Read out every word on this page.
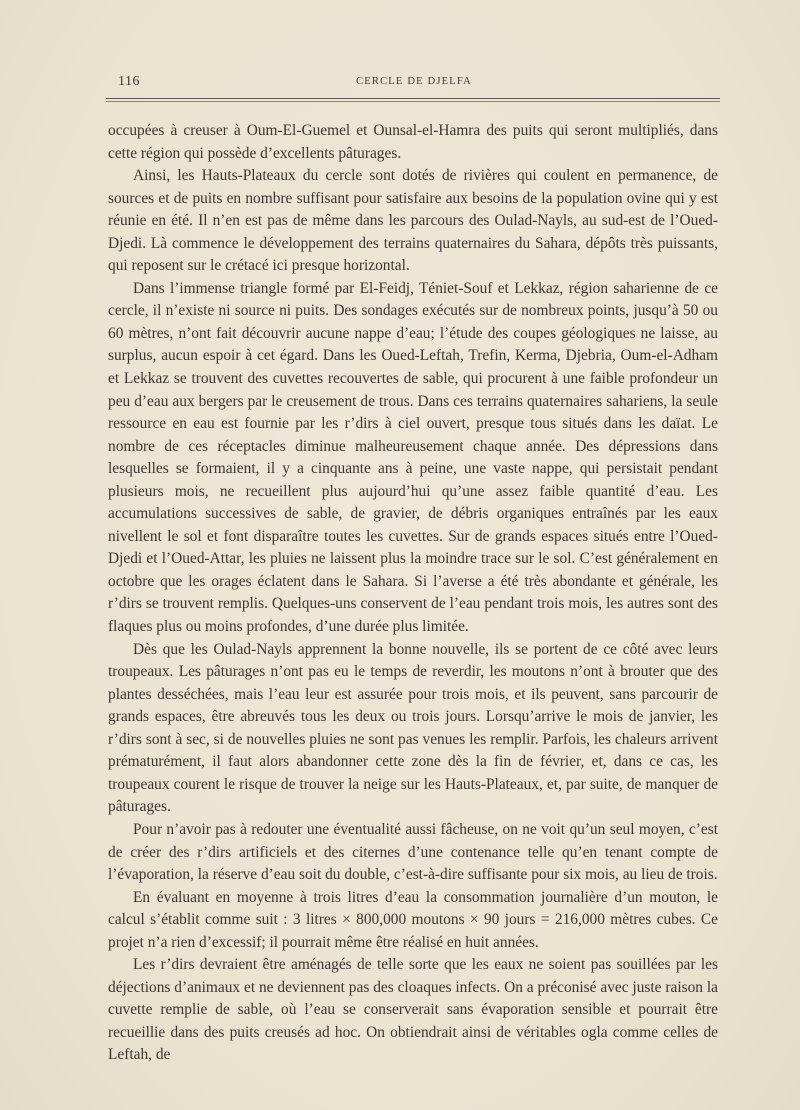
116	CERCLE DE DJELFA

occupées à creuser à Oum-El-Guemel et Ounsal-el-Hamra des puits qui seront multipliés, dans cette région qui possède d’excellents pâturages.

Ainsi, les Hauts-Plateaux du cercle sont dotés de rivières qui coulent en permanence, de sources et de puits en nombre suffisant pour satisfaire aux besoins de la population ovine qui y est réunie en été. Il n’en est pas de même dans les parcours des Oulad-Nayls, au sud-est de l’Oued-Djedi. Là commence le développement des terrains quaternaires du Sahara, dépôts très puissants, qui reposent sur le crétacé ici presque horizontal.

Dans l’immense triangle formé par El-Feidj, Téniet-Souf et Lekkaz, région saharienne de ce cercle, il n’existe ni source ni puits. Des sondages exécutés sur de nombreux points, jusqu’à 50 ou 60 mètres, n’ont fait découvrir aucune nappe d’eau; l’étude des coupes géologiques ne laisse, au surplus, aucun espoir à cet égard. Dans les Oued-Leftah, Trefin, Kerma, Djebria, Oum-el-Adham et Lekkaz se trouvent des cuvettes recouvertes de sable, qui procurent à une faible profondeur un peu d’eau aux bergers par le creusement de trous. Dans ces terrains quaternaires sahariens, la seule ressource en eau est fournie par les r’dirs à ciel ouvert, presque tous situés dans les daïat. Le nombre de ces réceptacles diminue malheureusement chaque année. Des dépressions dans lesquelles se formaient, il y a cinquante ans à peine, une vaste nappe, qui persistait pendant plusieurs mois, ne recueillent plus aujourd’hui qu’une assez faible quantité d’eau. Les accumulations successives de sable, de gravier, de débris organiques entraînés par les eaux nivellent le sol et font disparaître toutes les cuvettes. Sur de grands espaces situés entre l’Oued-Djedi et l’Oued-Attar, les pluies ne laissent plus la moindre trace sur le sol. C’est généralement en octobre que les orages éclatent dans le Sahara. Si l’averse a été très abondante et générale, les r’dirs se trouvent remplis. Quelques-uns conservent de l’eau pendant trois mois, les autres sont des flaques plus ou moins profondes, d’une durée plus limitée.

Dès que les Oulad-Nayls apprennent la bonne nouvelle, ils se portent de ce côté avec leurs troupeaux. Les pâturages n’ont pas eu le temps de reverdir, les moutons n’ont à brouter que des plantes desséchées, mais l’eau leur est assurée pour trois mois, et ils peuvent, sans parcourir de grands espaces, être abreuvés tous les deux ou trois jours. Lorsqu’arrive le mois de janvier, les r’dirs sont à sec, si de nouvelles pluies ne sont pas venues les remplir. Parfois, les chaleurs arrivent prématurément, il faut alors abandonner cette zone dès la fin de février, et, dans ce cas, les troupeaux courent le risque de trouver la neige sur les Hauts-Plateaux, et, par suite, de manquer de pâturages.

Pour n’avoir pas à redouter une éventualité aussi fâcheuse, on ne voit qu’un seul moyen, c’est de créer des r’dirs artificiels et des citernes d’une contenance telle qu’en tenant compte de l’évaporation, la réserve d’eau soit du double, c’est-à-dire suffisante pour six mois, au lieu de trois.

En évaluant en moyenne à trois litres d’eau la consommation journalière d’un mouton, le calcul s’établit comme suit : 3 litres × 800,000 moutons × 90 jours = 216,000 mètres cubes. Ce projet n’a rien d’excessif; il pourrait même être réalisé en huit années.

Les r’dirs devraient être aménagés de telle sorte que les eaux ne soient pas souillées par les déjections d’animaux et ne deviennent pas des cloaques infects. On a préconisé avec juste raison la cuvette remplie de sable, où l’eau se conserverait sans évaporation sensible et pourrait être recueillie dans des puits creusés ad hoc. On obtiendrait ainsi de véritables ogla comme celles de Leftah, de
